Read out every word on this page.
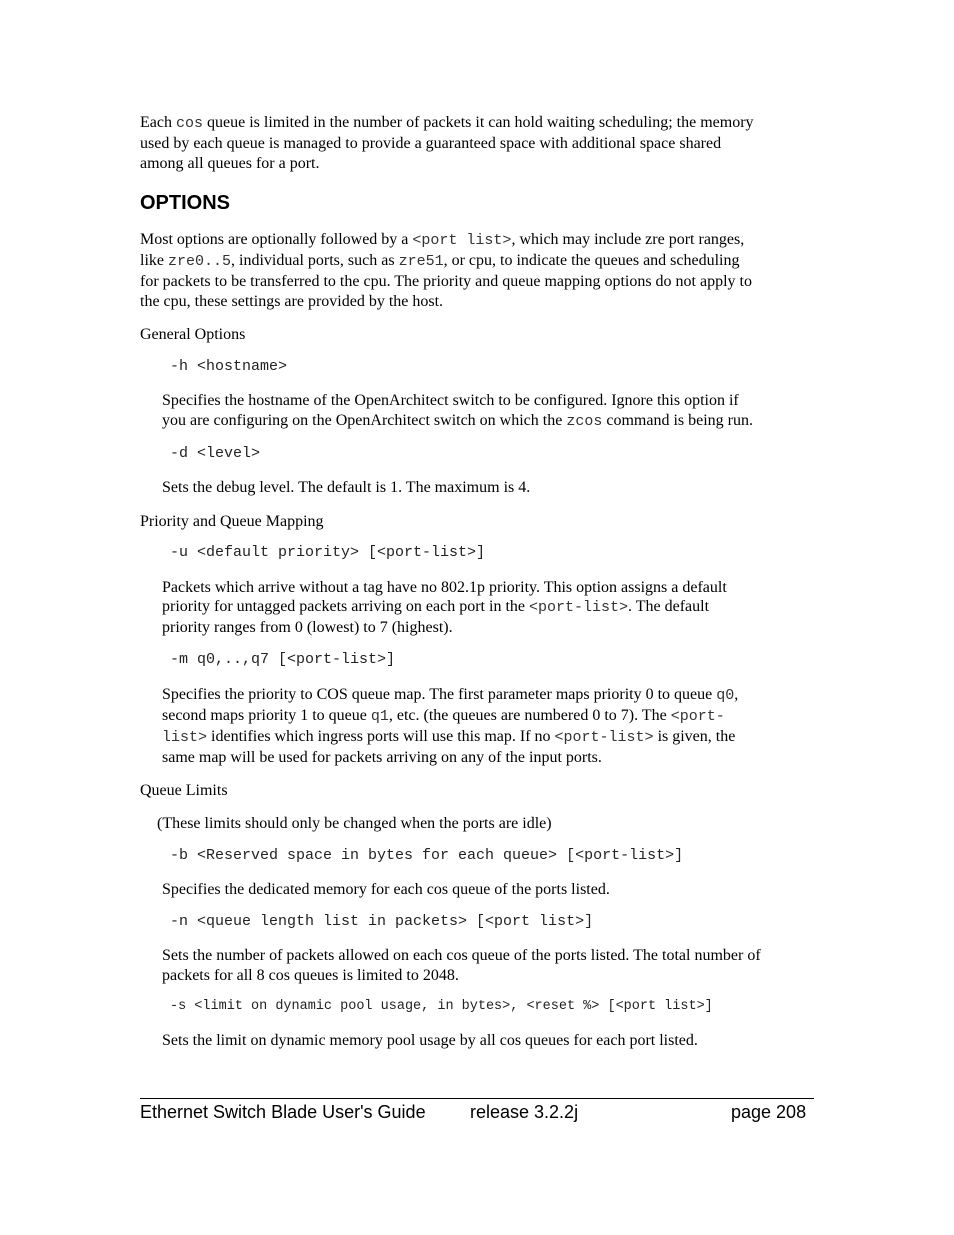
Each cos queue is limited in the number of packets it can hold waiting scheduling; the memory
used by each queue is managed to provide a guaranteed space with additional space shared
among all queues for a port.
OPTIONS
Most options are optionally followed by a <port list>, which may include zre port ranges,
like zre0..5, individual ports, such as zre51, or cpu, to indicate the queues and scheduling
for packets to be transferred to the cpu. The priority and queue mapping options do not apply to
the cpu, these settings are provided by the host.
General Options
-h <hostname>
Specifies the hostname of the OpenArchitect switch to be configured. Ignore this option if
you are configuring on the OpenArchitect switch on which the zcos command is being run.
-d <level>
Sets the debug level. The default is 1. The maximum is 4.
Priority and Queue Mapping
-u <default priority> [<port-list>]
Packets which arrive without a tag have no 802.1p priority. This option assigns a default
priority for untagged packets arriving on each port in the <port-list>. The default
priority ranges from 0 (lowest) to 7 (highest).
-m q0,..,q7 [<port-list>]
Specifies the priority to COS queue map. The first parameter maps priority 0 to queue q0,
second maps priority 1 to queue q1, etc. (the queues are numbered 0 to 7). The <port-
list> identifies which ingress ports will use this map. If no <port-list> is given, the
same map will be used for packets arriving on any of the input ports.
Queue Limits
(These limits should only be changed when the ports are idle)
-b <Reserved space in bytes for each queue> [<port-list>]
Specifies the dedicated memory for each cos queue of the ports listed.
-n <queue length list in packets> [<port list>]
Sets the number of packets allowed on each cos queue of the ports listed. The total number of
packets for all 8 cos queues is limited to 2048.
-s <limit on dynamic pool usage, in bytes>, <reset %> [<port list>]
Sets the limit on dynamic memory pool usage by all cos queues for each port listed.
Ethernet Switch Blade User's Guide release 3.2.2j	page 208
